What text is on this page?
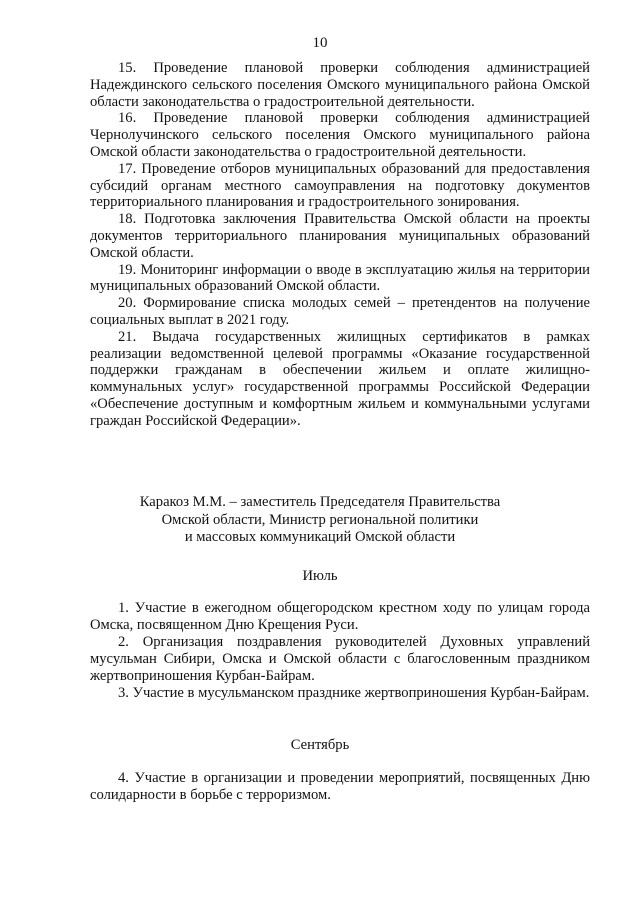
10

15. Проведение плановой проверки соблюдения администрацией Надеждинского сельского поселения Омского муниципального района Омской области законодательства о градостроительной деятельности.

16. Проведение плановой проверки соблюдения администрацией Чернолучинского сельского поселения Омского муниципального района Омской области законодательства о градостроительной деятельности.

17. Проведение отборов муниципальных образований для предоставления субсидий органам местного самоуправления на подготовку документов территориального планирования и градостроительного зонирования.

18. Подготовка заключения Правительства Омской области на проекты документов территориального планирования муниципальных образований Омской области.

19. Мониторинг информации о вводе в эксплуатацию жилья на территории муниципальных образований Омской области.

20. Формирование списка молодых семей – претендентов на получение социальных выплат в 2021 году.

21. Выдача государственных жилищных сертификатов в рамках реализации ведомственной целевой программы «Оказание государственной поддержки гражданам в обеспечении жильем и оплате жилищно-коммунальных услуг» государственной программы Российской Федерации «Обеспечение доступным и комфортным жильем и коммунальными услугами граждан Российской Федерации».

Каракоз М.М. – заместитель Председателя Правительства
Омской области, Министр региональной политики
и массовых коммуникаций Омской области
Июль

1. Участие в ежегодном общегородском крестном ходу по улицам города Омска, посвященном Дню Крещения Руси.

2. Организация поздравления руководителей Духовных управлений мусульман Сибири, Омска и Омской области с благословенным праздником жертвоприношения Курбан-Байрам.

3. Участие в мусульманском празднике жертвоприношения Курбан-Байрам.

Сентябрь

4. Участие в организации и проведении мероприятий, посвященных Дню солидарности в борьбе с терроризмом.
